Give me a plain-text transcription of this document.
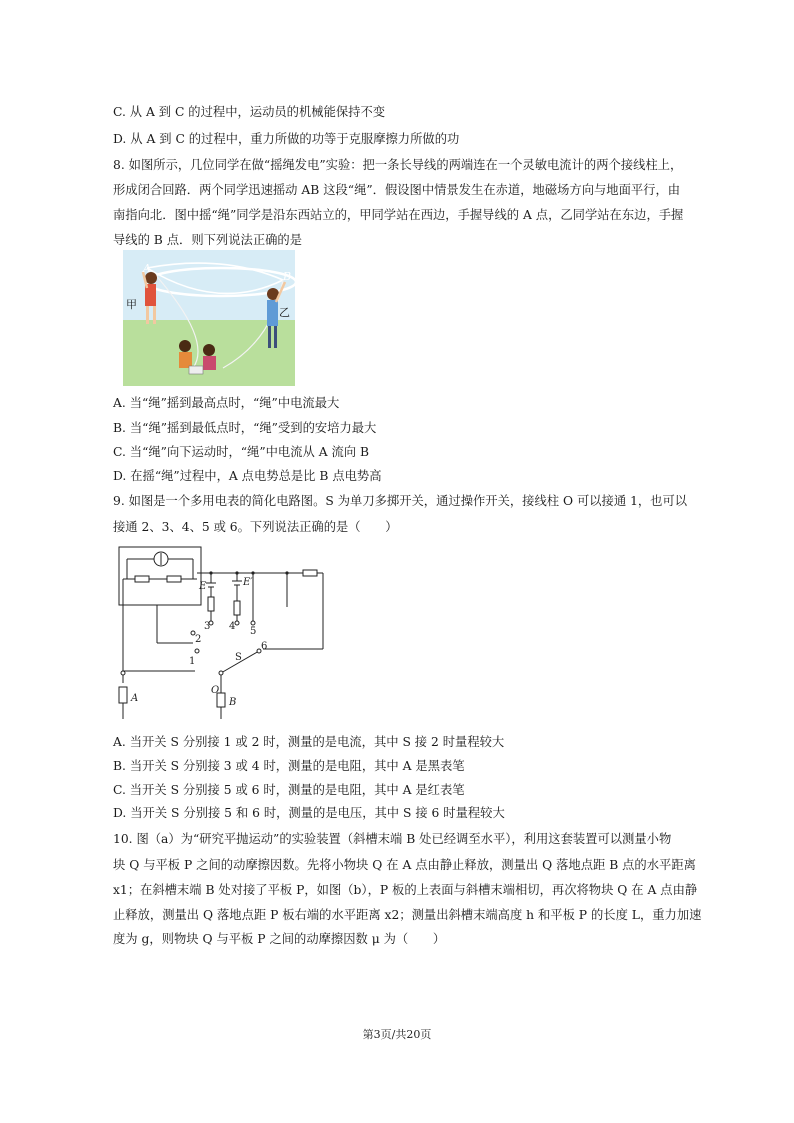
C. 从 A 到 C 的过程中，运动员的机械能保持不变
D. 从 A 到 C 的过程中，重力所做的功等于克服摩擦力所做的功
8. 如图所示，几位同学在做“摇绳发电”实验：把一条长导线的两端连在一个灵敏电流计的两个接线柱上，
形成闭合回路．两个同学迅速摇动 AB 这段“绳”．假设图中情景发生在赤道，地磁场方向与地面平行，由
南指向北．图中摇“绳”同学是沿东西站立的，甲同学站在西边，手握导线的 A 点，乙同学站在东边，手握
导线的 B 点．则下列说法正确的是
A
B
甲
乙
A. 当“绳”摇到最高点时，“绳”中电流最大
B. 当“绳”摇到最低点时，“绳”受到的安培力最大
C. 当“绳”向下运动时，“绳”中电流从 A 流向 B
D. 在摇“绳”过程中，A 点电势总是比 B 点电势高
9. 如图是一个多用电表的简化电路图。S 为单刀多掷开关，通过操作开关，接线柱 O 可以接通 1，也可以
接通 2、3、4、5 或 6。下列说法正确的是（　　）
E	E′
1
2
3 4 5
6
S
O
A	B
A. 当开关 S 分别接 1 或 2 时，测量的是电流，其中 S 接 2 时量程较大
B. 当开关 S 分别接 3 或 4 时，测量的是电阻，其中 A 是黑表笔
C. 当开关 S 分别接 5 或 6 时，测量的是电阻，其中 A 是红表笔
D. 当开关 S 分别接 5 和 6 时，测量的是电压，其中 S 接 6 时量程较大
10. 图（a）为“研究平抛运动”的实验装置（斜槽末端 B 处已经调至水平），利用这套装置可以测量小物
块 Q 与平板 P 之间的动摩擦因数。先将小物块 Q 在 A 点由静止释放，测量出 Q 落地点距 B 点的水平距离
x1；在斜槽末端 B 处对接了平板 P，如图（b），P 板的上表面与斜槽末端相切，再次将物块 Q 在 A 点由静
止释放，测量出 Q 落地点距 P 板右端的水平距离 x2；测量出斜槽末端高度 h 和平板 P 的长度 L，重力加速
度为 g，则物块 Q 与平板 P 之间的动摩擦因数 μ 为（　　）
第3页/共20页
